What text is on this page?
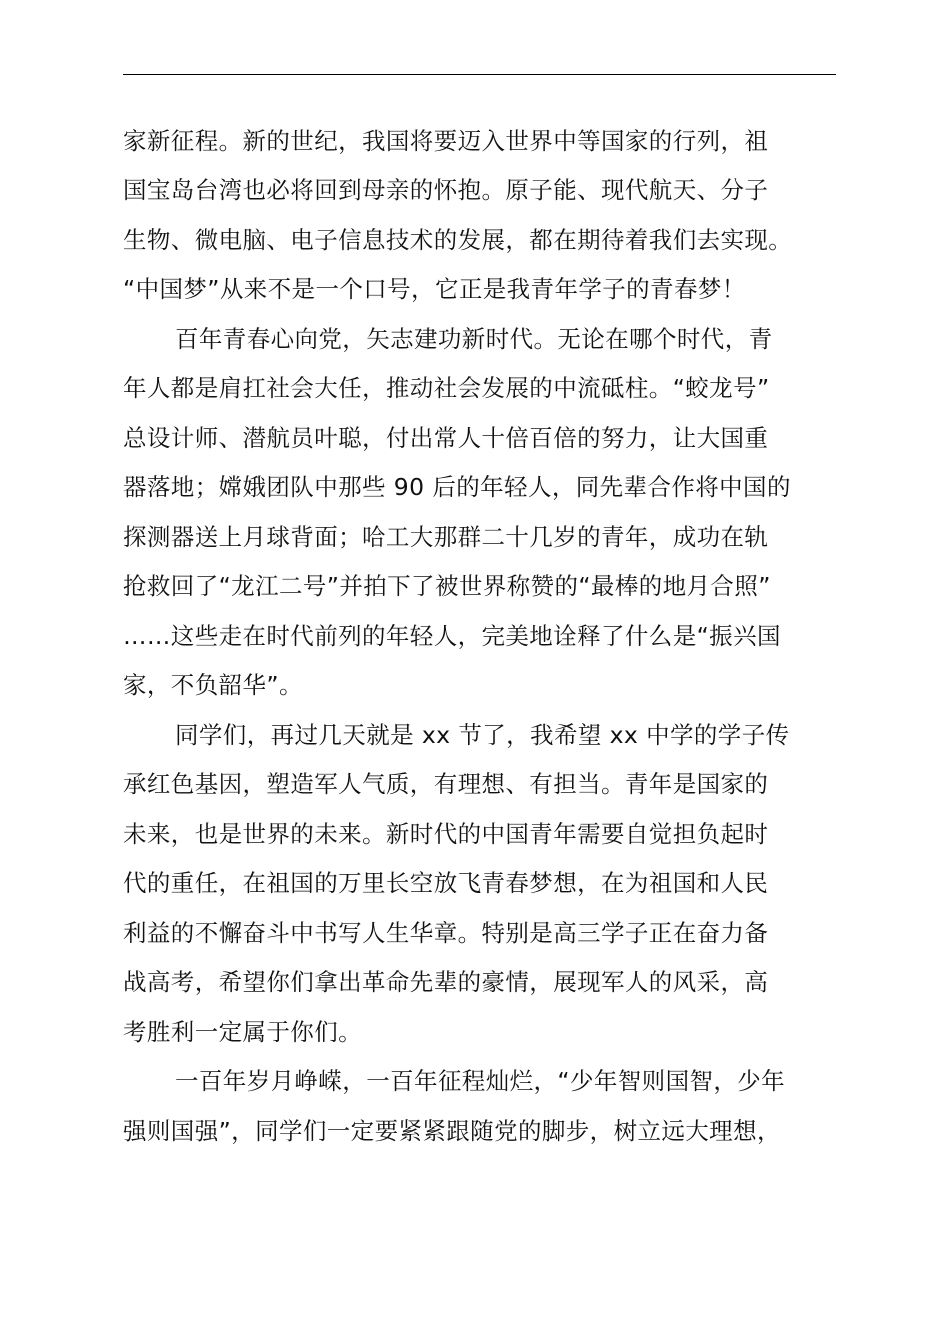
家新征程。新的世纪，我国将要迈入世界中等国家的行列，祖
国宝岛台湾也必将回到母亲的怀抱。原子能、现代航天、分子
生物、微电脑、电子信息技术的发展，都在期待着我们去实现。
“中国梦”从来不是一个口号，它正是我青年学子的青春梦！
百年青春心向党，矢志建功新时代。无论在哪个时代，青
年人都是肩扛社会大任，推动社会发展的中流砥柱。“蛟龙号”
总设计师、潜航员叶聪，付出常人十倍百倍的努力，让大国重
器落地；嫦娥团队中那些 90 后的年轻人，同先辈合作将中国的
探测器送上月球背面；哈工大那群二十几岁的青年，成功在轨
抢救回了“龙江二号”并拍下了被世界称赞的“最棒的地月合照”
……这些走在时代前列的年轻人，完美地诠释了什么是“振兴国
家，不负韶华”。
同学们，再过几天就是 xx 节了，我希望 xx 中学的学子传
承红色基因，塑造军人气质，有理想、有担当。青年是国家的
未来，也是世界的未来。新时代的中国青年需要自觉担负起时
代的重任，在祖国的万里长空放飞青春梦想，在为祖国和人民
利益的不懈奋斗中书写人生华章。特别是高三学子正在奋力备
战高考，希望你们拿出革命先辈的豪情，展现军人的风采，高
考胜利一定属于你们。
一百年岁月峥嵘，一百年征程灿烂，“少年智则国智，少年
强则国强”，同学们一定要紧紧跟随党的脚步，树立远大理想，
